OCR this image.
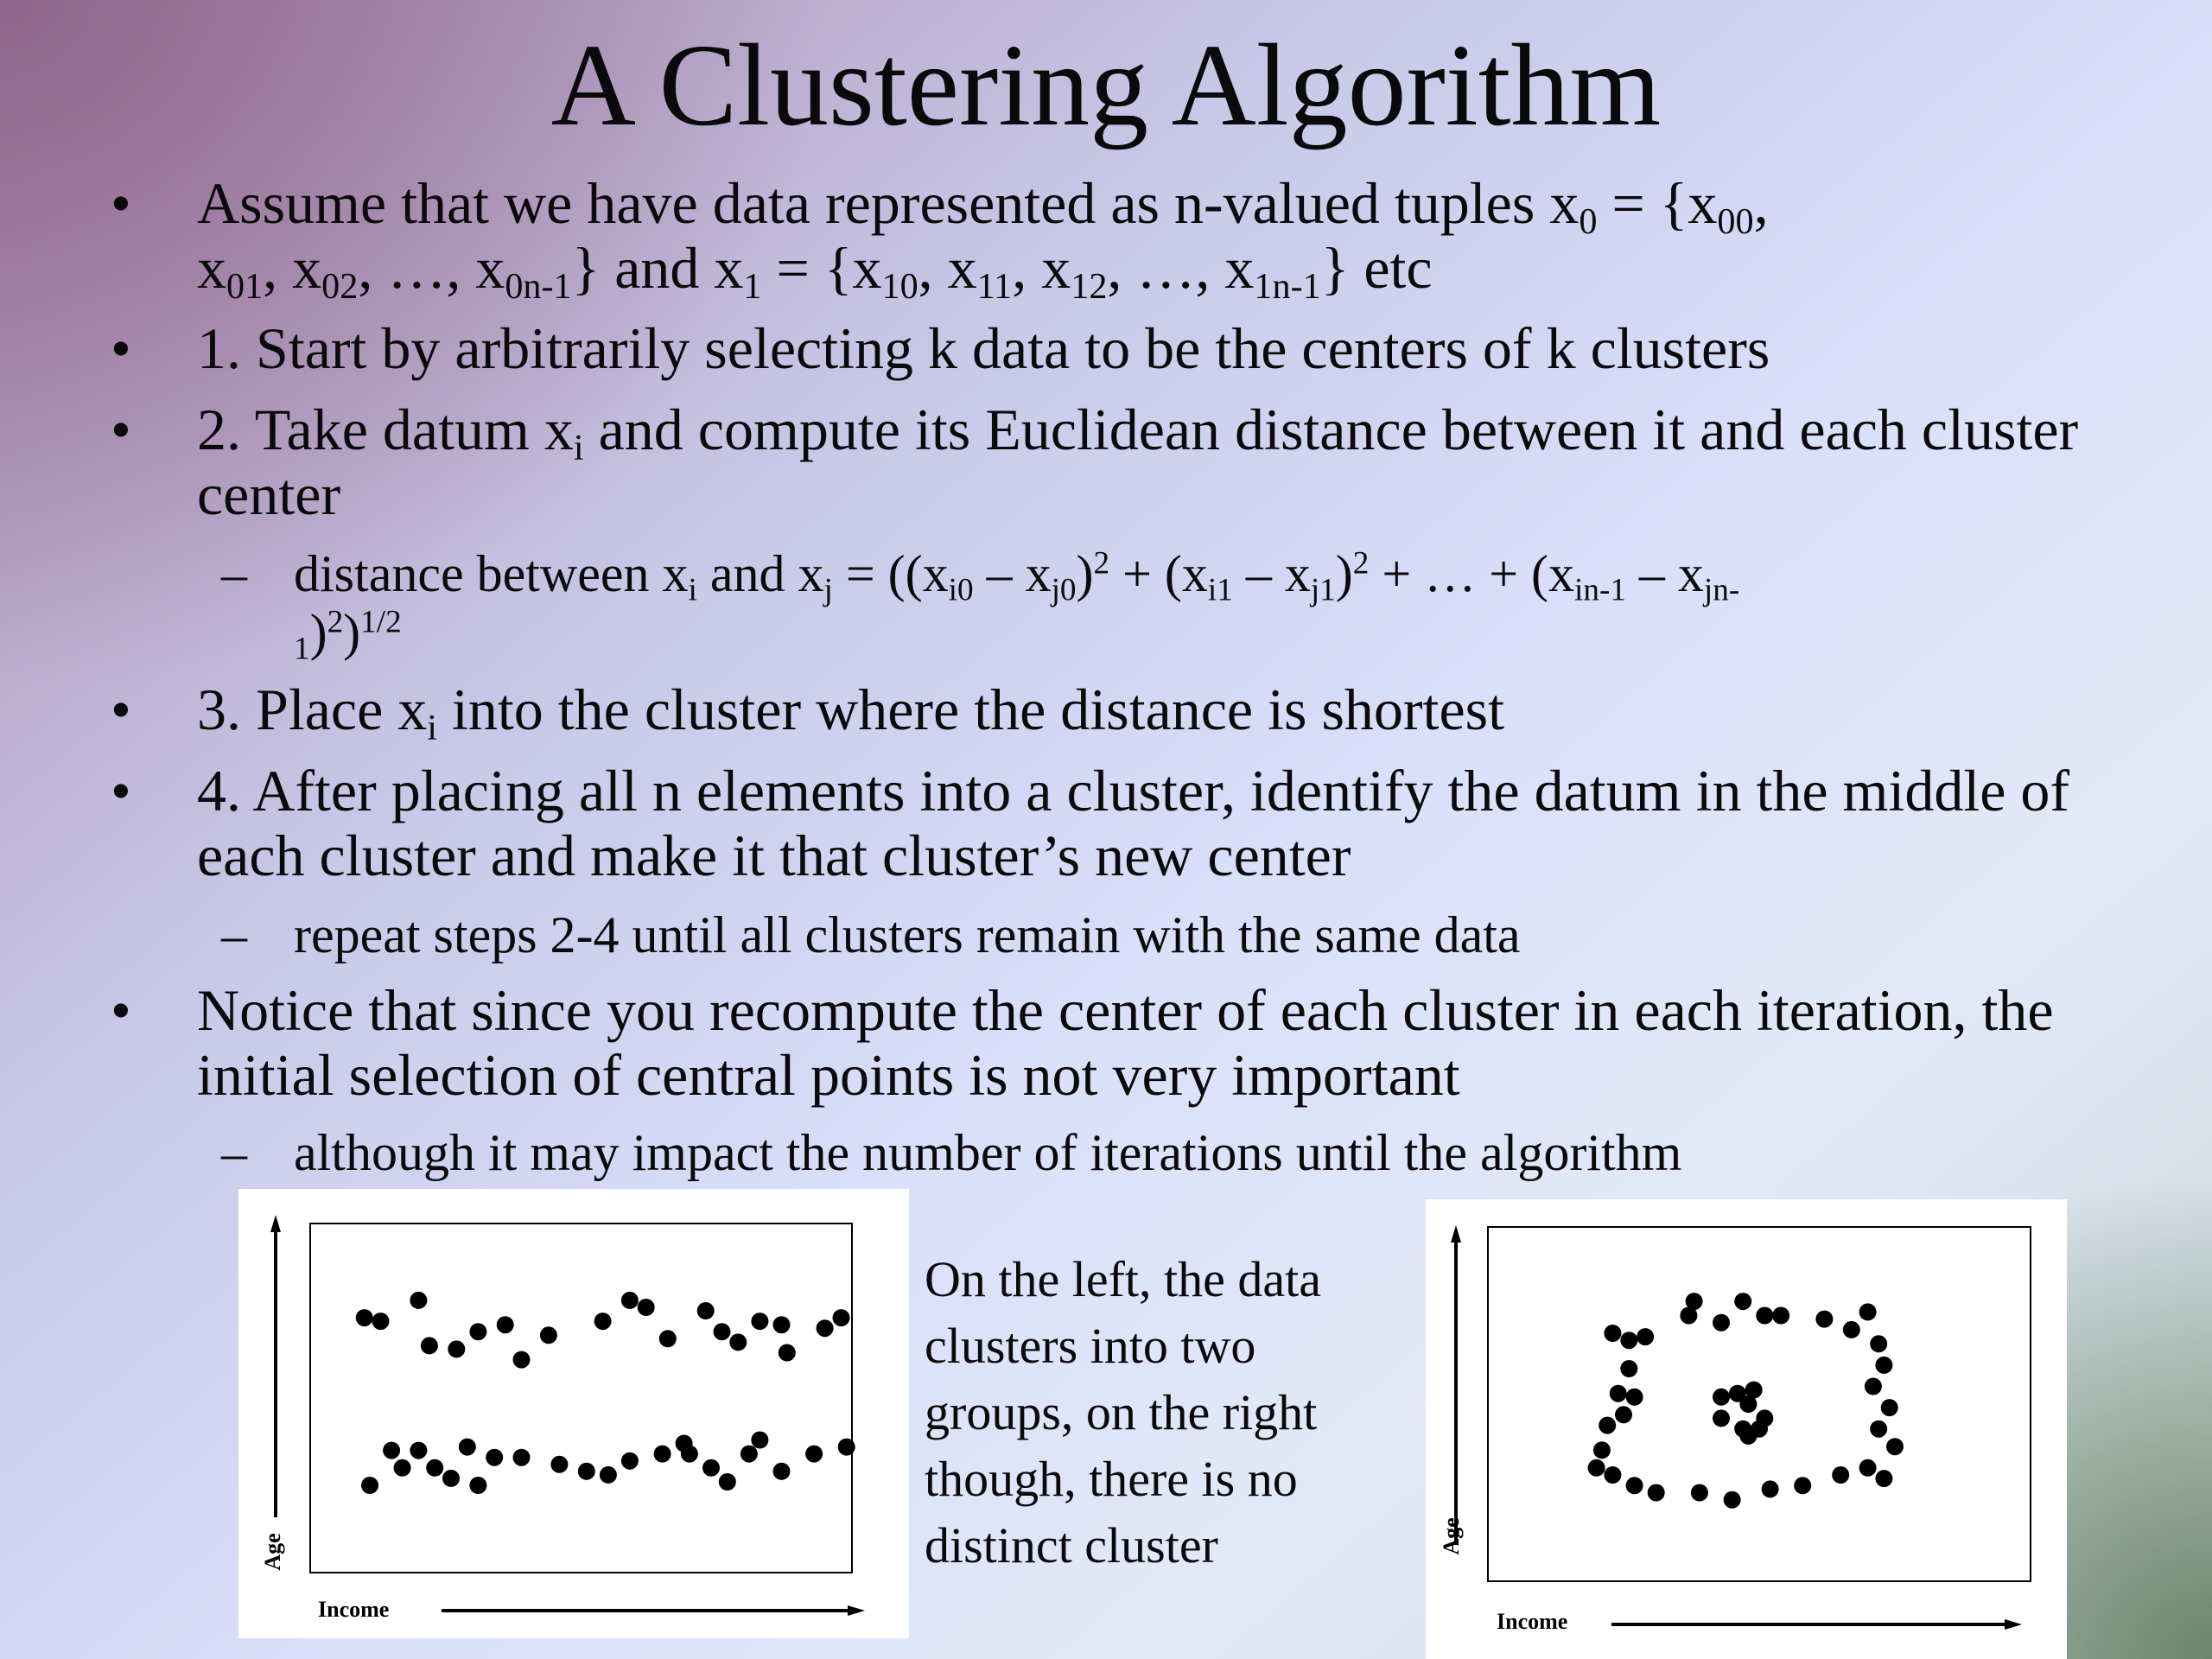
A Clustering Algorithm
• Assume that we have data represented as n-valued tuples $x_0 = \{x_{00}$,
$x_{01}$, $x_{02}$, …, $x_{0n-1}$} and $x_1 = \{x_{10}$, $x_{11}$, $x_{12}$, …, $x_{1n-1}$} etc
• 1. Start by arbitrarily selecting k data to be the centers of k clusters
• 2. Take datum $x_i$ and compute its Euclidean distance between it and each cluster center
– distance between $x_i$ and $x_j = ((x_{i0} - x_{j0})^2 + (x_{i1} - x_{j1})^2$ + … + ($x_{in-1} - x_{jn-}$
$_1$)$^2$)$^{1/2}$
• 3. Place $x_i$ into the cluster where the distance is shortest
• 4. After placing all n elements into a cluster, identify the datum in the middle of each cluster and make it that cluster’s new center
– repeat steps 2-4 until all clusters remain with the same data
• Notice that since you recompute the center of each cluster in each iteration, the initial selection of central points is not very important
– although it may impact the number of iterations until the algorithm
Income
Age
On the left, the data clusters into two groups, on the right though, there is no distinct cluster
Income
Age
